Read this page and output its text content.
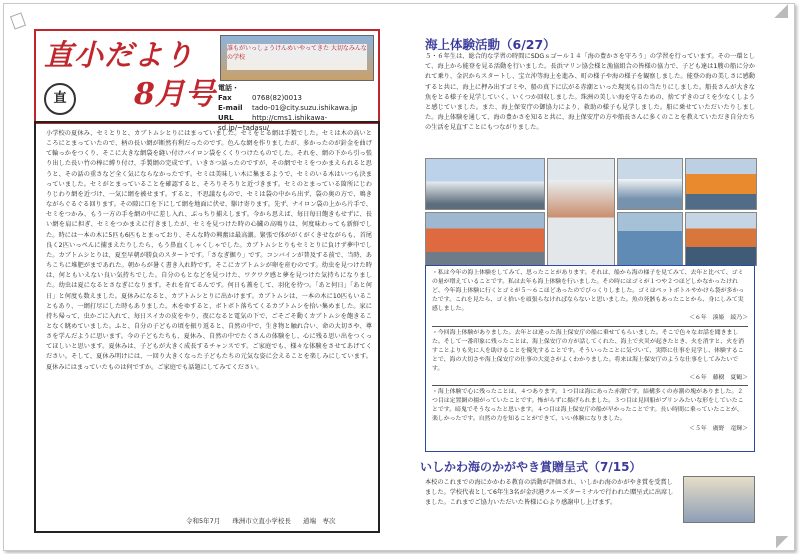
直小だより
8月号
直
誰もがいっしょうけんめいやってきた 大切なみんなの学校
電話・Fax	0768(82)0013
E-mail tado-01@city.suzu.ishikawa.jp
URL	http://cms1.ishikawa-sd.jp/~tadasu/
小学校の夏休み、セミとりと、カブトムシとりにはまっていました。セミをとる網は手製でした。セミは木の高いところにとまっていたので、柄の長い網が断然有利だったのです。色んな網を作りましたが、多かったのが針金を曲げて輪っかをつくり、そこに大きな網袋を縫い付けバイロン袋をくくりつけたものでした。それを、網の下から引っ張り出した長い竹の棒に縛り付け、手製網の完成です。いきさつ話ったのですが、その網でセミをつかまえられると思うと、その話の重さなど全く気にならなかったです。セミは美味しい木に集まるようで、セミのいる木はいつも決まっていました。セミがとまっていることを確認すると、そろりそろりと近づきます。セミのとまっている箇所にじわりじわり網を近づけ、一気に網を被せます。すると、不思議なもので、セミは袋の中から出ず、袋の奥の方で、鳴きながらぐるぐる回ります。その隙に口を下にして網を地面に伏せ、駆け寄ります。先ず、ナイロン袋の上から片手で、セミをつかみ、もう一方の手を網の中に差し入れ、ぶっちり捕えします。今から思えば、毎日毎日飽きもせずに、長い網を肩に担ぎ、セミをつかまえに行きましたが、セミを見つけた時の心臓の高鳴りは、何度味わっても新鮮でした。時には一本の木に5匹も6匹もとまっており、そんな時の興奮は最高潮。緊張で体ががくがくきせながらも、首尾良く2匹いっぺんに捕まえたりしたら、もう鼻血くしゃくしゃでした。カブトムシとりもセミとりに負けず夢中でした。カブトムシとりは、夏至早朝が勝負のスタートです。「さなぎ掘り」です。コンバインが普及する前で、当時、あちこちに堆肥がまであれた。朝からが暑く書き入れ時です。そこにカブトムシが卵を産むのです。幼虫を見つけた時は、何ともいえない良い気持ちでした。自分のもとなどを見つけた、ワクワク感と夢を見つけた気持ちになりました。幼虫は夏になるとさなぎになります。それを育てるんです。何日も蓋をして、羽化を待つ。「あと何日」「あと何日」と何度も数えました。夏休みになると、カブトムシとりに出かけます。カブトムシは、一本の木に10匹もいることもあり、一網打尽にした時もありました。木をゆすると、ボトボト落ちてくるカブトムシを拾い集めました。家に持ち帰って、虫かごに入れて、毎日スイカの皮をやり、夜になると電気の下で、ごそごそ動くカブトムシを飽きることなく眺めていました。ふと、自分の子どもの頃を振り返ると、自然の中で、生き物と触れ合い、命の大切さや、尊さを学んだように思います。今の子どもたちも、夏休み、自然の中でたくさんの体験をし、心に残る思い出をつくってほしいと思います。夏休みは、子どもが大きく成長するチャンスです。ご家庭でも、様々な体験をさせてあげてください。そして、夏休み明けには、一回り大きくなった子どもたちの元気な姿に会えることを楽しみにしています。夏休みにはまっていたものは何ですか。ご家庭でも話題にしてみてください。
令和5年7月 珠洲市立直小学校長 道端　専次
海上体験活動（6/27）
５・６年生は、総合的な学習の時間にSDGｓゴール１４「海の豊かさを守ろう」の学習を行っています。その一環として、海上から能登を見る活動を行いました。長浜マリン協会様と漁協組合の皆様の協力で、子ども達は1艘の船に分かれて乗り、金沢からスタートし、宝立沖等海上を進み、町の様子や海の様子を観察しました。能登の海の美しさに感動すると共に、海上に押み出すゴミや、船の真下に広がる赤潮といった現実も目の当たりにしました。船長さんが大きな魚をとる様子を見学していく、いくつか回収しました。珠洲の美しい海を守るための、捨てずきのゴミを少なくしようと感じていました。また、海上保安庁の御協力により、救助の様子も見学しました。船に乗せていただいたりしました。海上体験を通して、海の豊かさを知ると共に、海上保安庁の方や船長さんに多くのことを教えていただき自分たちの生活を見直すことにもつながりました。

・私は今年の海上体験をしてみて、思ったことがあります。それは、船から海の様子を見てみて、去年と比べて、ゴミの量が増えていることです。私は去年も海上体験を行いました。その時にはゴミが１つや２つほどしかなかったけれど、今年海上体験に行くとゴミが５〜６こほどあったのでびっくりしました。ゴミはペットボトルやかけら袋が多かったです。これを見たら、ゴミ拾いを頑張らなければならないと思いました。魚の死骸もあったことから、身にしみて実感しました。
＜６年　湊姫　綾乃＞

・今回海上体験がありました。去年とは違った海上保安庁の船に乗せてもらいました。そこで色々なお話を聞きました。そして一番印象に残ったことは、海上保安庁の方が話してくれた、海上で火災が起きたとき、火を消すと、火を消すことよりも先に人を助けることを優先することです。そういったことに気づいて、実際に仕事を見学し、体験することで、海の大切さや海上保安庁の仕事の大変さがよくわかりました。将来は海上保安庁のような仕事をしてみたいです。
＜６年　藤樹　夏鶴＞

・海上体験で心に残ったことは、４つあります。１つ目は海にあった赤潮です。結構多くの赤潮の塊がありました。２つ目は定置網の揚がっていたことです。怖がらずに揚げられました。３つ目は見回船がプリンみたいな形をしていたことです。暗鬼でそうなったと思います。４つ目は海上保安庁の船が早かったことです。長い時間に乗っていたことが、楽しかったです。自然の力を知ることができて、いい体験になりました。
＜５年　廣野　竜輝＞

いしかわ海のかがやき賞贈呈式（7/15）
本校のこれまでの海にかかわる教育の活動が評価され、いしかわ海のかがやき賞を受賞しました。学校代表として6年生3名が金沢港クルーズターミナルで行われた贈呈式に出席しました。これまでご協力いただいた皆様に心より感謝申し上げます。
